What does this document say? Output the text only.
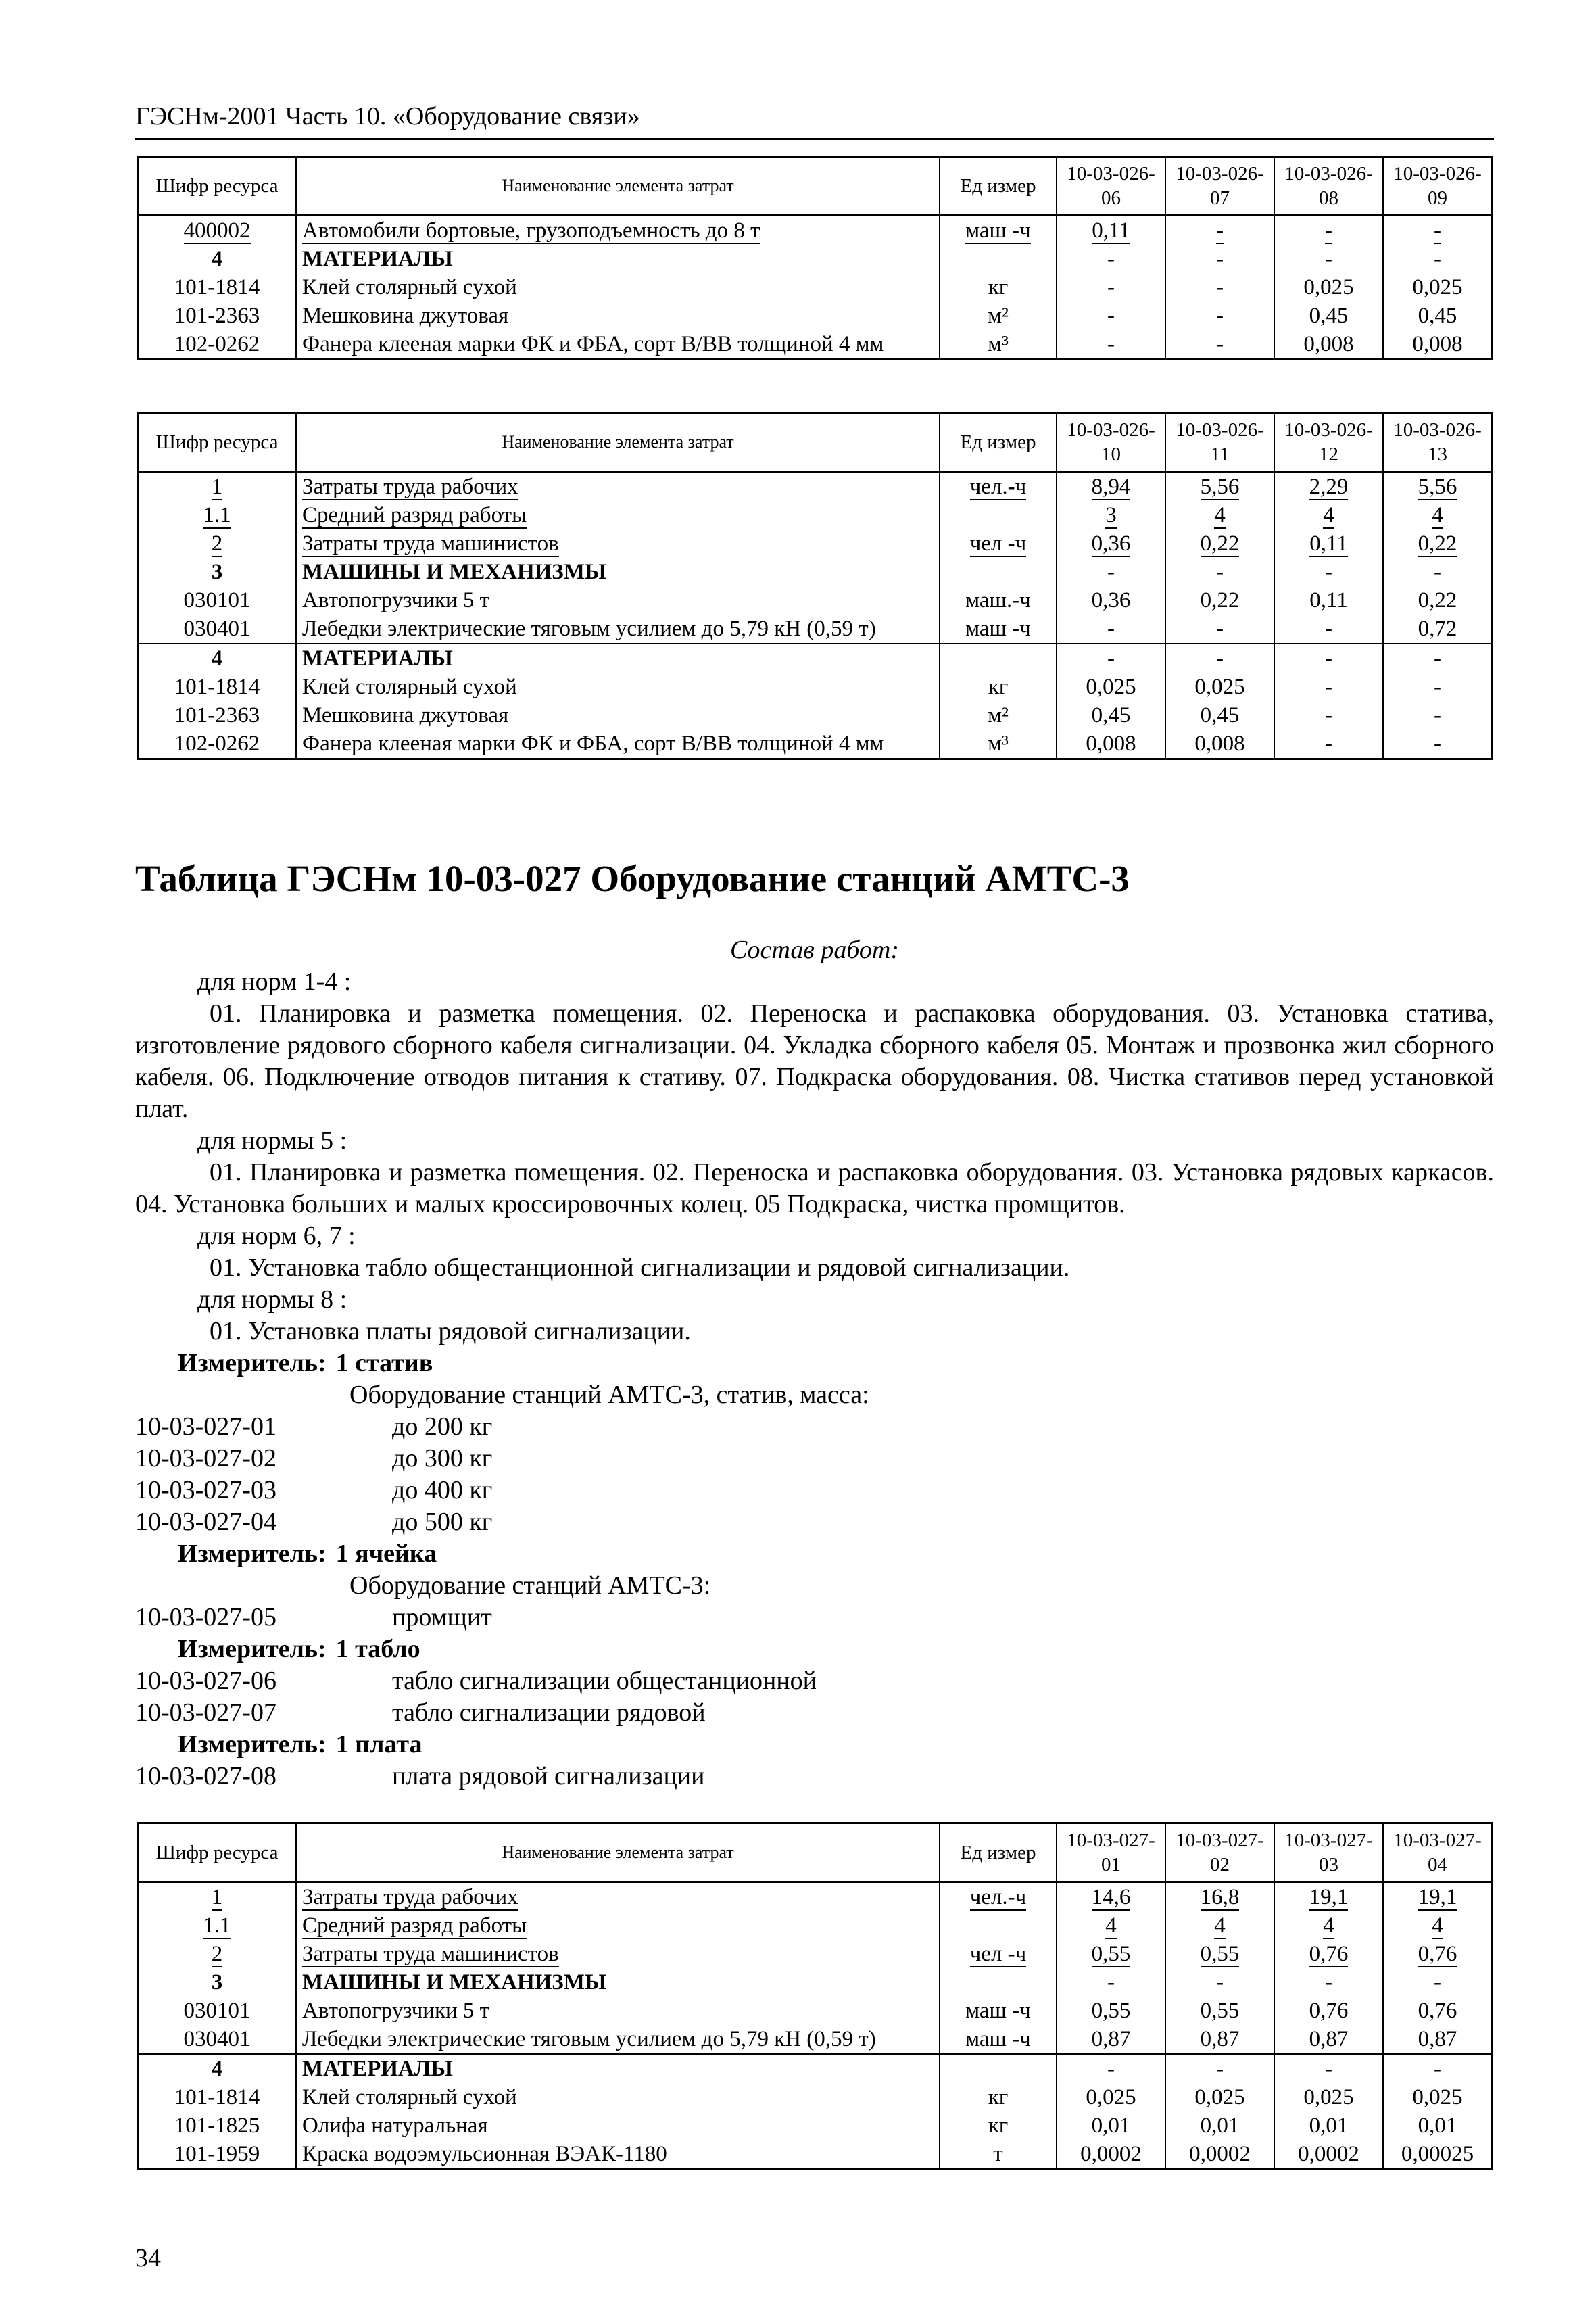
ГЭСНм-2001 Часть 10. «Оборудование связи»
Шифр ресурса	Наименование элемента затрат	Ед измер	10-03-026-06	10-03-026-07	10-03-026-08	10-03-026-09
400002	Автомобили бортовые, грузоподъемность до 8 т	маш -ч	0,11	-	-	-
4	МАТЕРИАЛЫ		-	-	-	-
101-1814	Клей столярный сухой	кг	-	-	0,025	0,025
101-2363	Мешковина джутовая	м²	-	-	0,45	0,45
102-0262	Фанера клееная марки ФК и ФБА, сорт В/ВВ толщиной 4 мм	м³	-	-	0,008	0,008
Шифр ресурса	Наименование элемента затрат	Ед измер	10-03-026-10	10-03-026-11	10-03-026-12	10-03-026-13
1	Затраты труда рабочих	чел.-ч	8,94	5,56	2,29	5,56
1.1	Средний разряд работы		3	4	4	4
2	Затраты труда машинистов	чел -ч	0,36	0,22	0,11	0,22
3	МАШИНЫ И МЕХАНИЗМЫ		-	-	-	-
030101	Автопогрузчики 5 т	маш.-ч	0,36	0,22	0,11	0,22
030401	Лебедки электрические тяговым усилием до 5,79 кН (0,59 т)	маш -ч	-	-	-	0,72
4	МАТЕРИАЛЫ		-	-	-	-
101-1814	Клей столярный сухой	кг	0,025	0,025	-	-
101-2363	Мешковина джутовая	м²	0,45	0,45	-	-
102-0262	Фанера клееная марки ФК и ФБА, сорт В/ВВ толщиной 4 мм	м³	0,008	0,008	-	-
Таблица ГЭСНм 10-03-027 Оборудование станций АМТС-3
Состав работ:
для норм 1-4 :
01. Планировка и разметка помещения. 02. Переноска и распаковка оборудования. 03. Установка статива, изготовление рядового сборного кабеля сигнализации. 04. Укладка сборного кабеля 05. Монтаж и прозвонка жил сборного кабеля. 06. Подключение отводов питания к стативу. 07. Подкраска оборудования. 08. Чистка стативов перед установкой плат.
для нормы 5 :
01. Планировка и разметка помещения. 02. Переноска и распаковка оборудования. 03. Установка рядовых каркасов. 04. Установка больших и малых кроссировочных колец. 05 Подкраска, чистка промщитов.
для норм 6, 7 :
01. Установка табло общестанционной сигнализации и рядовой сигнализации.
для нормы 8 :
01. Установка платы рядовой сигнализации.
Измеритель: 1 статив
Оборудование станций АМТС-3, статив, масса:
10-03-027-01	до 200 кг
10-03-027-02	до 300 кг
10-03-027-03	до 400 кг
10-03-027-04	до 500 кг
Измеритель: 1 ячейка
Оборудование станций АМТС-3:
10-03-027-05	промщит
Измеритель: 1 табло
10-03-027-06	табло сигнализации общестанционной
10-03-027-07	табло сигнализации рядовой
Измеритель: 1 плата
10-03-027-08	плата рядовой сигнализации
Шифр ресурса	Наименование элемента затрат	Ед измер	10-03-027-01	10-03-027-02	10-03-027-03	10-03-027-04
1	Затраты труда рабочих	чел.-ч	14,6	16,8	19,1	19,1
1.1	Средний разряд работы		4	4	4	4
2	Затраты труда машинистов	чел -ч	0,55	0,55	0,76	0,76
3	МАШИНЫ И МЕХАНИЗМЫ		-	-	-	-
030101	Автопогрузчики 5 т	маш -ч	0,55	0,55	0,76	0,76
030401	Лебедки электрические тяговым усилием до 5,79 кН (0,59 т)	маш -ч	0,87	0,87	0,87	0,87
4	МАТЕРИАЛЫ		-	-	-	-
101-1814	Клей столярный сухой	кг	0,025	0,025	0,025	0,025
101-1825	Олифа натуральная	кг	0,01	0,01	0,01	0,01
101-1959	Краска водоэмульсионная ВЭАК-1180	т	0,0002	0,0002	0,0002	0,00025
34
